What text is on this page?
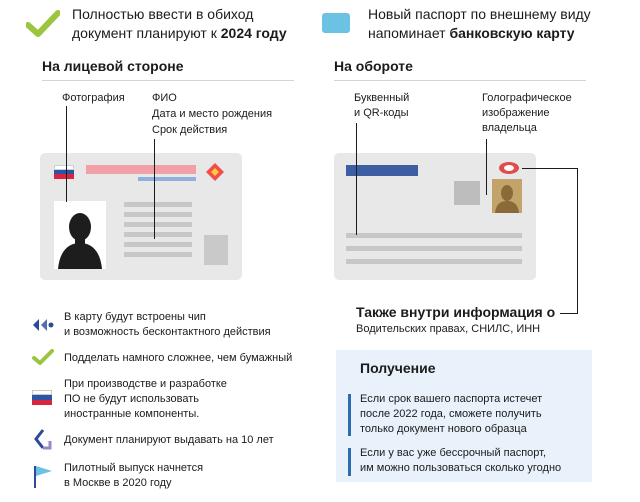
Полностью ввести в обиход
документ планируют к 2024 году
Новый паспорт по внешнему виду
напоминает банковскую карту
На лицевой стороне	На обороте
Фотография ФИО
Дата и место рождения
Срок действия
Буквенный
и QR-коды
Голографическое
изображение
владельца
Также внутри информация о
Водительских правах, СНИЛС, ИНН
В карту будут встроены чип
и возможность бесконтактного действия
Подделать намного сложнее, чем бумажный
При производстве и разработке
ПО не будут использовать
иностранные компоненты.
Документ планируют выдавать на 10 лет
Пилотный выпуск начнется
в Москве в 2020 году
Получение
Если срок вашего паспорта истечет
после 2022 года, сможете получить
только документ нового образца
Если у вас уже бессрочный паспорт,
им можно пользоваться сколько угодно
